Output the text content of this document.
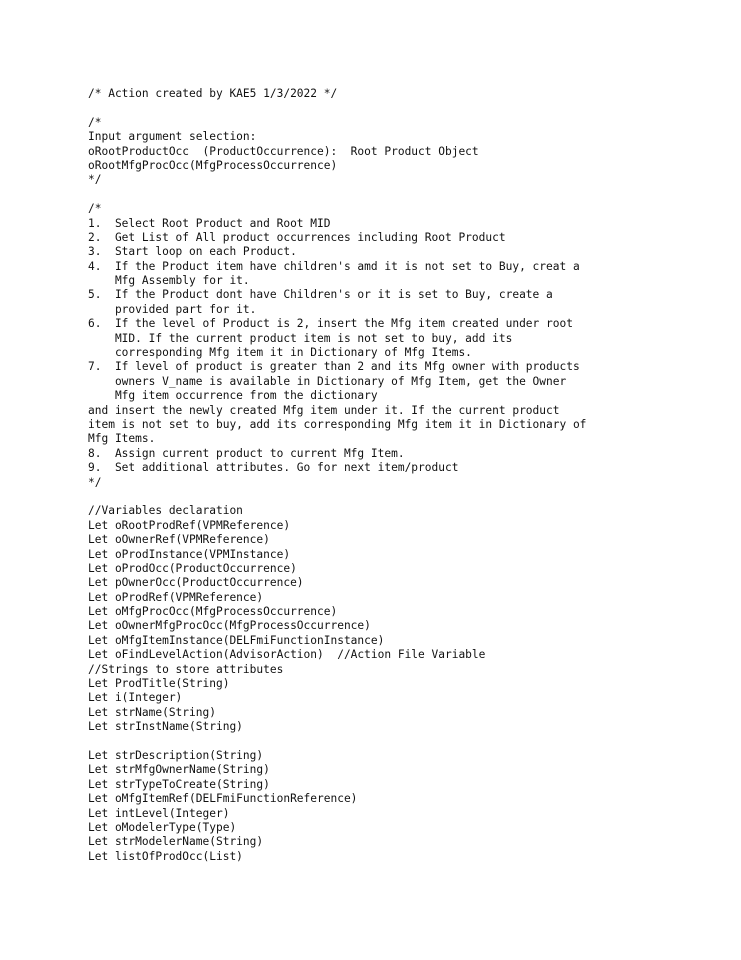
/* Action created by KAE5 1/3/2022 */
/*
Input argument selection:
oRootProductOcc  (ProductOccurrence):  Root Product Object
oRootMfgProcOcc(MfgProcessOccurrence)
*/
/*
1.  Select Root Product and Root MID
2.  Get List of All product occurrences including Root Product
3.  Start loop on each Product.
4.  If the Product item have children's amd it is not set to Buy, creat a
Mfg Assembly for it.
5.  If the Product dont have Children's or it is set to Buy, create a
provided part for it.
6.  If the level of Product is 2, insert the Mfg item created under root
MID. If the current product item is not set to buy, add its
corresponding Mfg item it in Dictionary of Mfg Items.
7.  If level of product is greater than 2 and its Mfg owner with products
owners V_name is available in Dictionary of Mfg Item, get the Owner
Mfg item occurrence from the dictionary
and insert the newly created Mfg item under it. If the current product
item is not set to buy, add its corresponding Mfg item it in Dictionary of
Mfg Items.
8.  Assign current product to current Mfg Item.
9.  Set additional attributes. Go for next item/product
*/
//Variables declaration
Let oRootProdRef(VPMReference)
Let oOwnerRef(VPMReference)
Let oProdInstance(VPMInstance)
Let oProdOcc(ProductOccurrence)
Let pOwnerOcc(ProductOccurrence)
Let oProdRef(VPMReference)
Let oMfgProcOcc(MfgProcessOccurrence)
Let oOwnerMfgProcOcc(MfgProcessOccurrence)
Let oMfgItemInstance(DELFmiFunctionInstance)
Let oFindLevelAction(AdvisorAction)  //Action File Variable
//Strings to store attributes
Let ProdTitle(String)
Let i(Integer)
Let strName(String)
Let strInstName(String)
Let strDescription(String)
Let strMfgOwnerName(String)
Let strTypeToCreate(String)
Let oMfgItemRef(DELFmiFunctionReference)
Let intLevel(Integer)
Let oModelerType(Type)
Let strModelerName(String)
Let listOfProdOcc(List)
